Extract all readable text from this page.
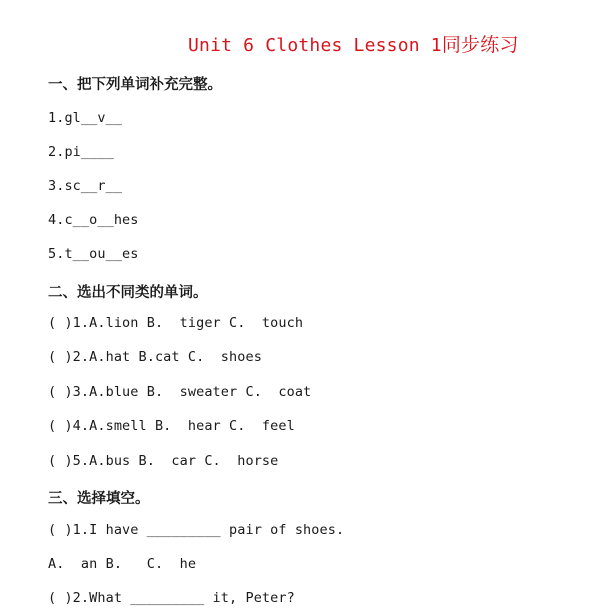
Unit 6 Clothes Lesson 1同步练习
一、把下列单词补充完整。
1.gl__v__
2.pi____
3.sc__r__
4.c__o__hes
5.t__ou__es
二、选出不同类的单词。
( )1.A.lion B.  tiger C.  touch
( )2.A.hat B.cat C.  shoes
( )3.A.blue B.  sweater C.  coat
( )4.A.smell B.  hear C.  feel
( )5.A.bus B.  car C.  horse
三、选择填空。
( )1.I have _________ pair of shoes.
A.  an B.   C.  he
( )2.What _________ it, Peter?
